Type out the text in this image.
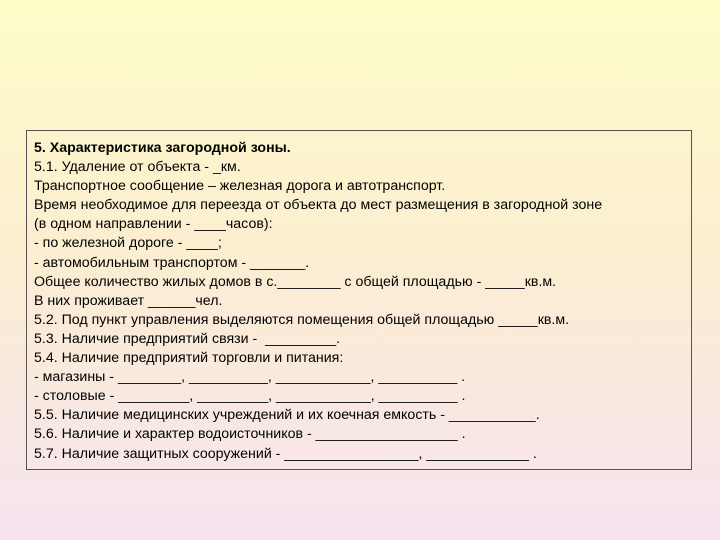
5. Характеристика загородной зоны.
5.1. Удаление от объекта - _км.
Транспортное сообщение – железная дорога и автотранспорт.
Время необходимое для переезда от объекта до мест размещения в загородной зоне
(в одном направлении - ____часов):
- по железной дороге - ____;
- автомобильным транспортом - _______.
Общее количество жилых домов в с.________ с общей площадью - _____кв.м.
В них проживает ______чел.
5.2. Под пункт управления выделяются помещения общей площадью _____кв.м.
5.3. Наличие предприятий связи -  _________.
5.4. Наличие предприятий торговли и питания:
- магазины - ________, __________, ____________, __________ .
- столовые - _________, _________, ____________, __________ .
5.5. Наличие медицинских учреждений и их коечная емкость - ___________.
5.6. Наличие и характер водоисточников - __________________ .
5.7. Наличие защитных сооружений - _________________, _____________ .
